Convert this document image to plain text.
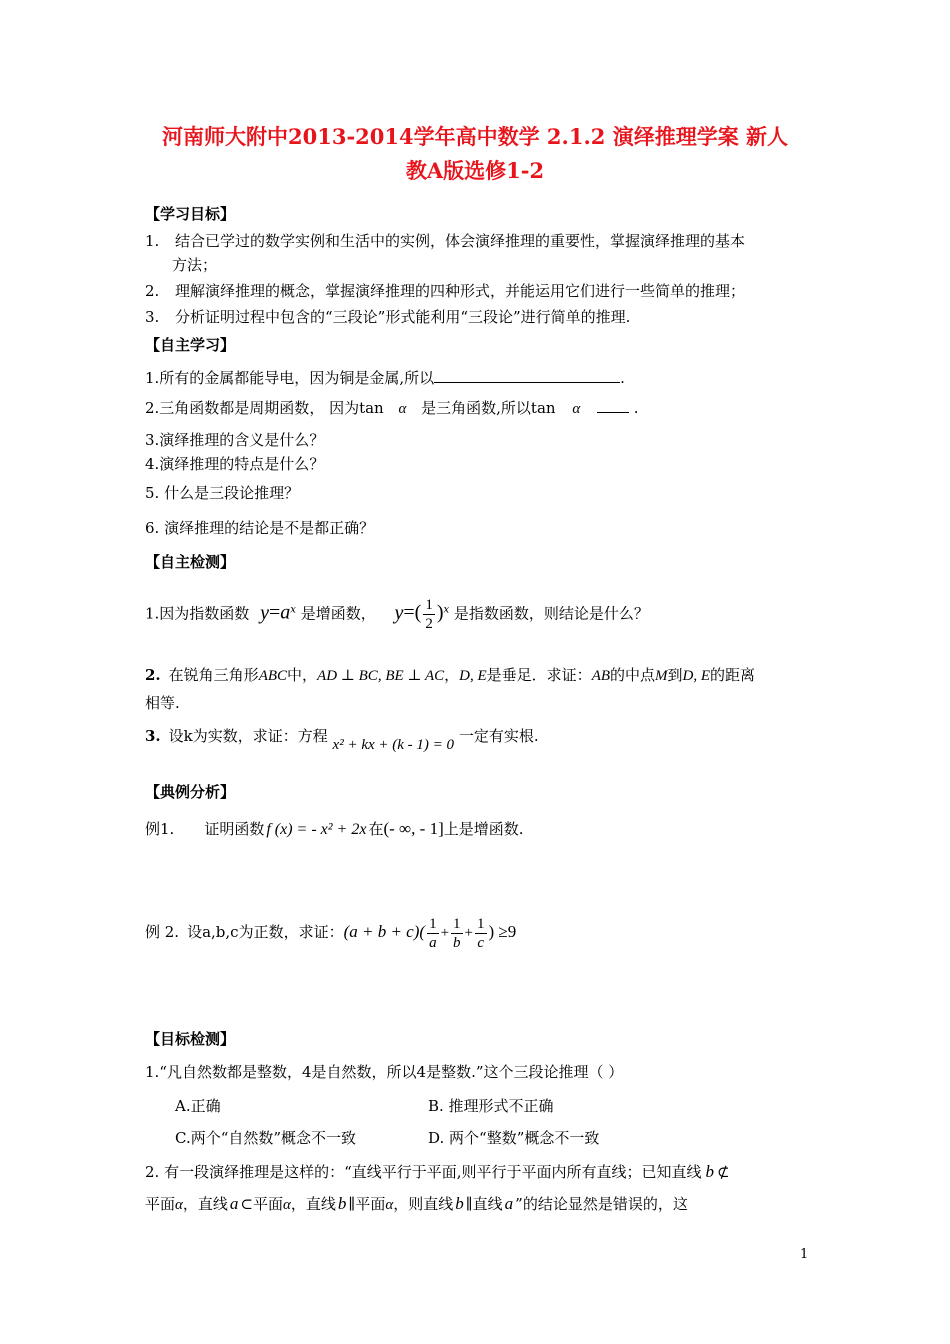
河南师大附中2013-2014学年高中数学 2.1.2 演绎推理学案 新人
教A版选修1-2
【学习目标】
1. 结合已学过的数学实例和生活中的实例，体会演绎推理的重要性，掌握演绎推理的基本
方法；
2. 理解演绎推理的概念，掌握演绎推理的四种形式，并能运用它们进行一些简单的推理；
3. 分析证明过程中包含的“三段论”形式能利用“三段论”进行简单的推理.
【自主学习】
1.所有的金属都能导电，因为铜是金属,所以	.
2.三角函数都是周期函数， 因为tan α 是三角函数,所以tan α	.
3.演绎推理的含义是什么？
4.演绎推理的特点是什么？
5. 什么是三段论推理？
6. 演绎推理的结论是不是都正确？
【自主检测】
1.因为指数函数 $y=a^x$ 是增函数， $y=( \frac{1}{2} )^x$ 是指数函数，则结论是什么？
2. 在锐角三角形ABC中，AD ⊥ BC, BE ⊥ AC，D, E是垂足．求证：AB的中点M到D, E的距离
相等.
3. 设k为实数，求证：方程 x² + kx + (k - 1) = 0 一定有实根.
【典例分析】
例1. 证明函数 f (x) = - x² + 2x 在(- ∞, - 1]上是增函数.
例 2. 设a,b,c为正数，求证：$(a + b + c)( \frac{1}{a} + \frac{1}{b} + \frac{1}{c}$ ) ≥9
【目标检测】
1.“凡自然数都是整数，4是自然数，所以4是整数.”这个三段论推理（ ）
A.正确	B. 推理形式不正确
C.两个“自然数”概念不一致	D. 两个“整数”概念不一致
2. 有一段演绎推理是这样的：“直线平行于平面,则平行于平面内所有直线；已知直线 b ⊄
平面α，直线 a ⊂平面α，直线 b ∥平面α，则直线 b ∥直线 a ”的结论显然是错误的，这
1
